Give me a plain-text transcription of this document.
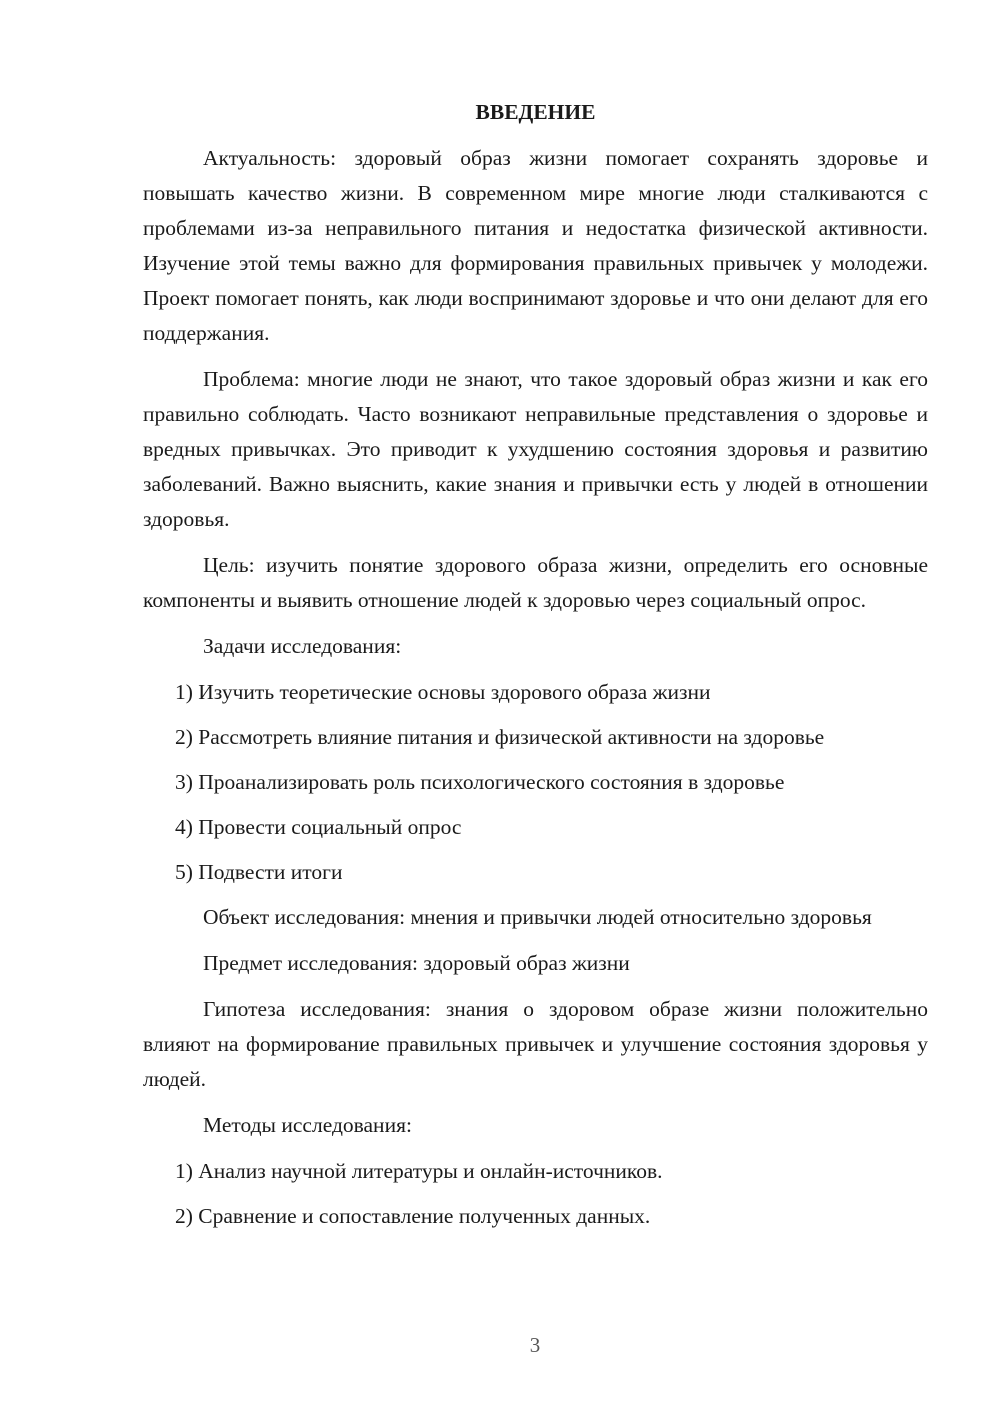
ВВЕДЕНИЕ

Актуальность: здоровый образ жизни помогает сохранять здоровье и повышать качество жизни. В современном мире многие люди сталкиваются с проблемами из-за неправильного питания и недостатка физической активности. Изучение этой темы важно для формирования правильных привычек у молодежи. Проект помогает понять, как люди воспринимают здоровье и что они делают для его поддержания.

Проблема: многие люди не знают, что такое здоровый образ жизни и как его правильно соблюдать. Часто возникают неправильные представления о здоровье и вредных привычках. Это приводит к ухудшению состояния здоровья и развитию заболеваний. Важно выяснить, какие знания и привычки есть у людей в отношении здоровья.

Цель: изучить понятие здорового образа жизни, определить его основные компоненты и выявить отношение людей к здоровью через социальный опрос.

Задачи исследования:

1) Изучить теоретические основы здорового образа жизни
2) Рассмотреть влияние питания и физической активности на здоровье
3) Проанализировать роль психологического состояния в здоровье
4) Провести социальный опрос
5) Подвести итоги

Объект исследования: мнения и привычки людей относительно здоровья

Предмет исследования: здоровый образ жизни

Гипотеза исследования: знания о здоровом образе жизни положительно влияют на формирование правильных привычек и улучшение состояния здоровья у людей.

Методы исследования:

1) Анализ научной литературы и онлайн-источников.
2) Сравнение и сопоставление полученных данных.
3
